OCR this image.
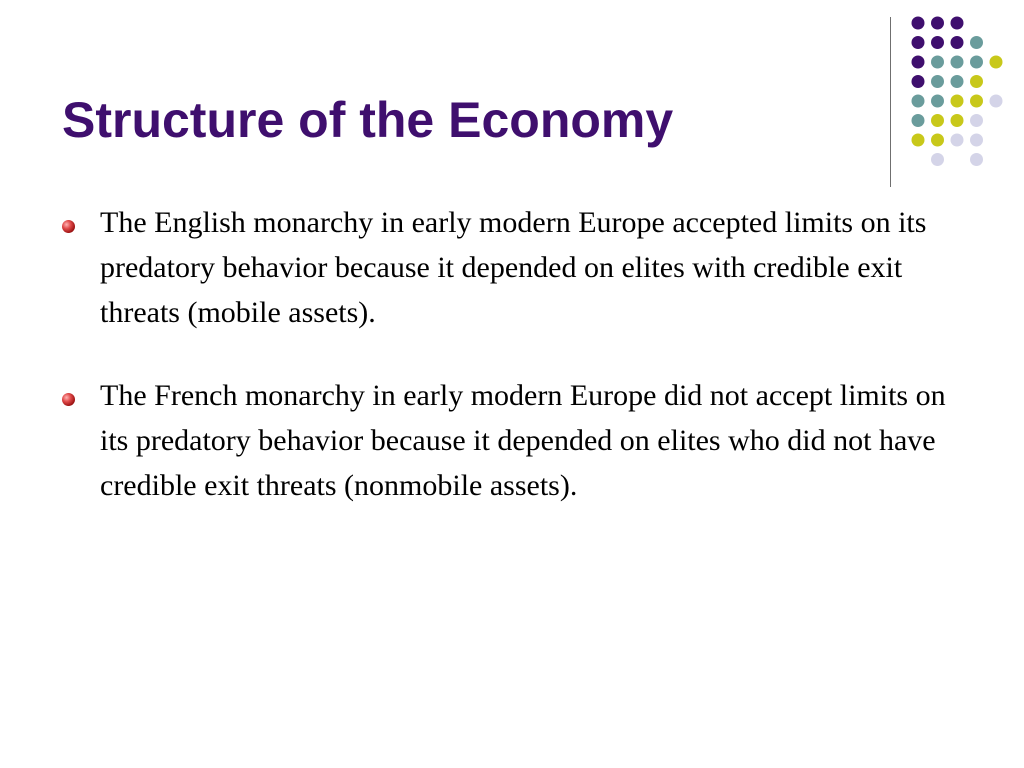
Structure of the Economy
The English monarchy in early modern Europe accepted limits on its predatory behavior because it depended on elites with credible exit threats (mobile assets).
The French monarchy in early modern Europe did not accept limits on its predatory behavior because it depended on elites who did not have credible exit threats (nonmobile assets).
